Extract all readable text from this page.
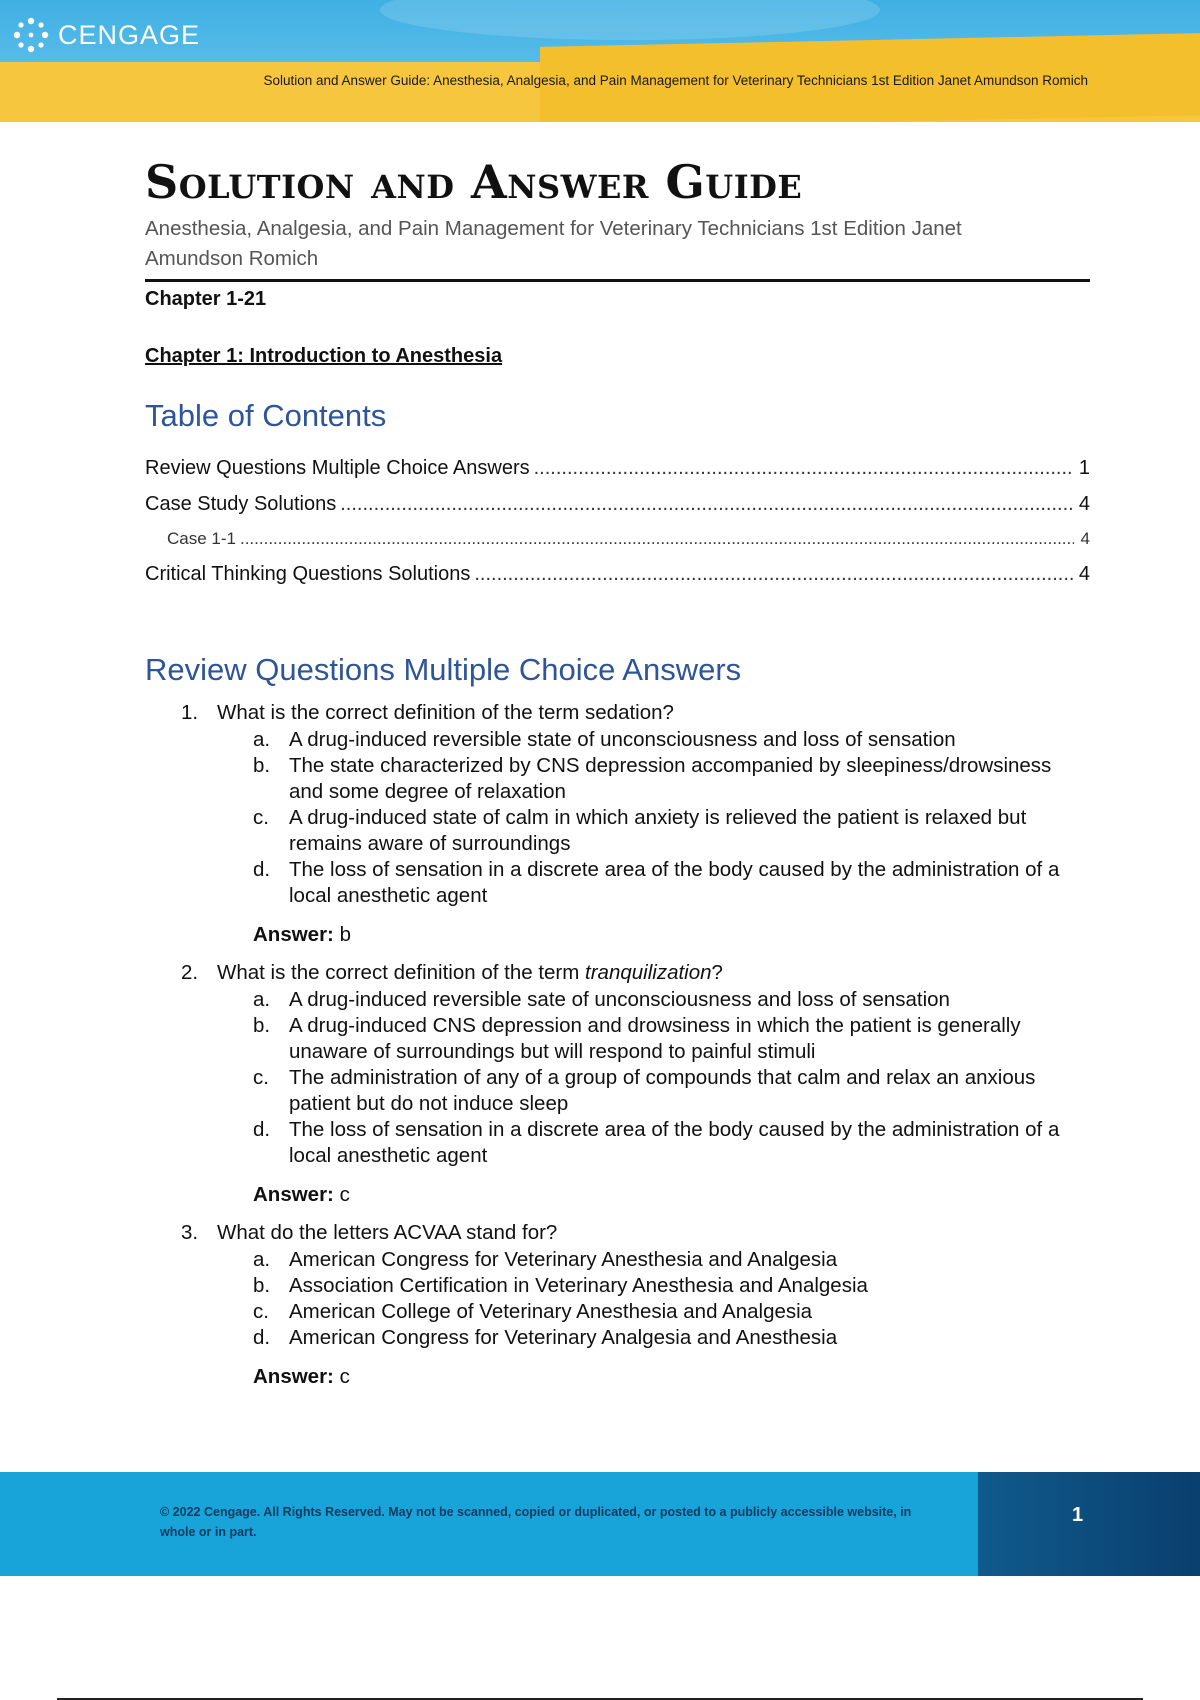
CENGAGE
Solution and Answer Guide: Anesthesia, Analgesia, and Pain Management for Veterinary Technicians 1st Edition Janet Amundson Romich
Solution and Answer Guide
Anesthesia, Analgesia, and Pain Management for Veterinary Technicians 1st Edition Janet Amundson Romich
Chapter 1-21
Chapter 1: Introduction to Anesthesia
Table of Contents
Review Questions Multiple Choice Answers .....	1
Case Study Solutions .....	4
Case 1-1 .....	4
Critical Thinking Questions Solutions .....	4
Review Questions Multiple Choice Answers
1. What is the correct definition of the term sedation?
a. A drug-induced reversible state of unconsciousness and loss of sensation
b. The state characterized by CNS depression accompanied by sleepiness/drowsiness and some degree of relaxation
c. A drug-induced state of calm in which anxiety is relieved the patient is relaxed but remains aware of surroundings
d. The loss of sensation in a discrete area of the body caused by the administration of a local anesthetic agent
Answer: b
2. What is the correct definition of the term tranquilization?
a. A drug-induced reversible sate of unconsciousness and loss of sensation
b. A drug-induced CNS depression and drowsiness in which the patient is generally unaware of surroundings but will respond to painful stimuli
c. The administration of any of a group of compounds that calm and relax an anxious patient but do not induce sleep
d. The loss of sensation in a discrete area of the body caused by the administration of a local anesthetic agent
Answer: c
3. What do the letters ACVAA stand for?
a. American Congress for Veterinary Anesthesia and Analgesia
b. Association Certification in Veterinary Anesthesia and Analgesia
c. American College of Veterinary Anesthesia and Analgesia
d. American Congress for Veterinary Analgesia and Anesthesia
Answer: c
© 2022 Cengage. All Rights Reserved. May not be scanned, copied or duplicated, or posted to a publicly accessible website, in whole or in part.
1
